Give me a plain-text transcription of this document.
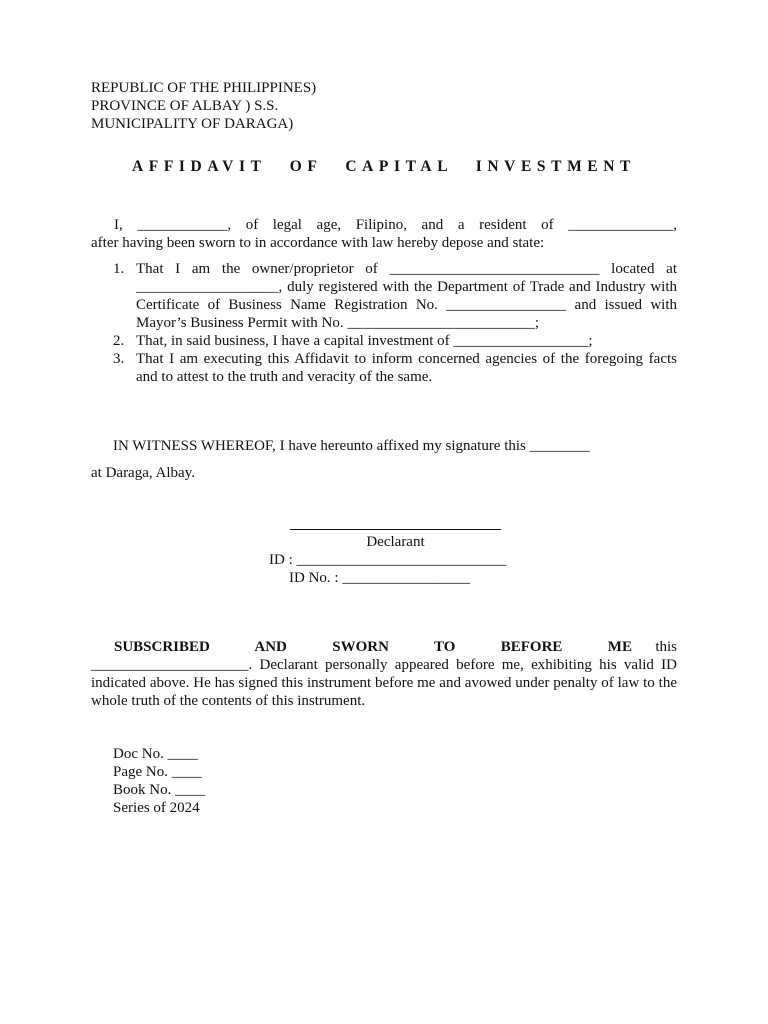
REPUBLIC OF THE PHILIPPINES)
PROVINCE OF ALBAY ) S.S.
MUNICIPALITY OF DARAGA)
AFFIDAVIT OF CAPITAL INVESTMENT
I, ____________, of legal age, Filipino, and a resident of ______________,
after having been sworn to in accordance with law hereby depose and state:
1. That I am the owner/proprietor of ____________________________ located at ___________________, duly registered with the Department of Trade and Industry with Certificate of Business Name Registration No. ________________ and issued with Mayor’s Business Permit with No. _________________________;
2. That, in said business, I have a capital investment of __________________;
3. That I am executing this Affidavit to inform concerned agencies of the foregoing facts and to attest to the truth and veracity of the same.
IN WITNESS WHEREOF, I have hereunto affixed my signature this ________
at Daraga, Albay.
Declarant
ID : ____________________________
ID No. : _________________
SUBSCRIBED AND SWORN TO BEFORE ME this
_____________________. Declarant personally appeared before me, exhibiting his valid ID indicated above. He has signed this instrument before me and avowed under penalty of law to the whole truth of the contents of this instrument.
Doc No. ____
Page No. ____
Book No. ____
Series of 2024
